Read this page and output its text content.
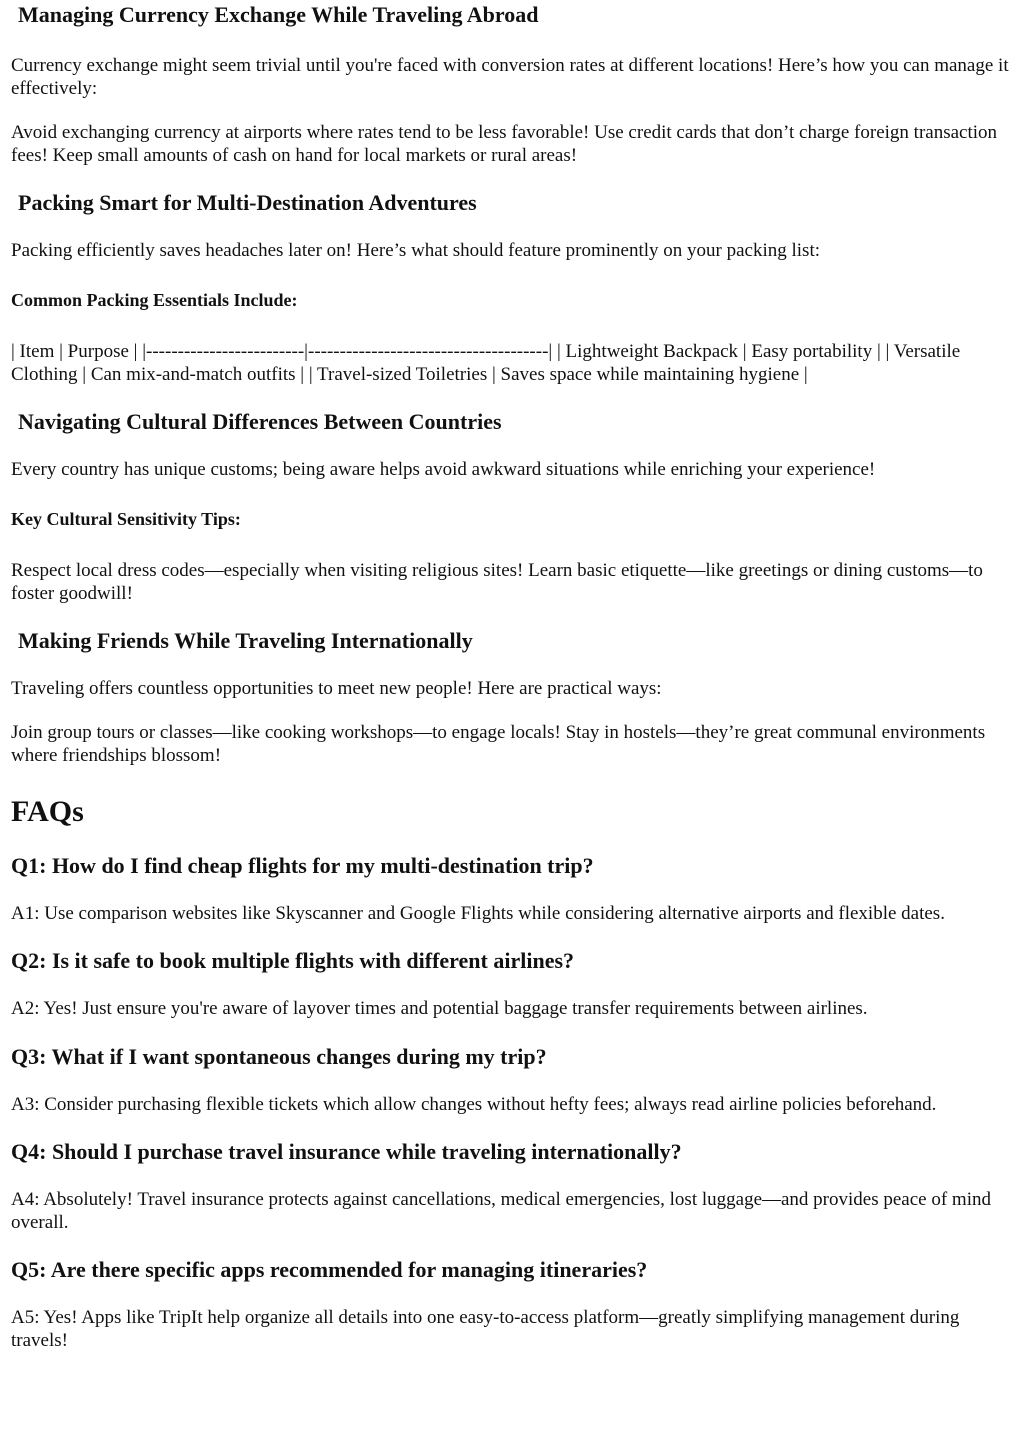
Managing Currency Exchange While Traveling Abroad

Currency exchange might seem trivial until you're faced with conversion rates at different locations! Here’s how you can manage it effectively:

Avoid exchanging currency at airports where rates tend to be less favorable! Use credit cards that don’t charge foreign transaction fees! Keep small amounts of cash on hand for local markets or rural areas!

Packing Smart for Multi-Destination Adventures

Packing efficiently saves headaches later on! Here’s what should feature prominently on your packing list:

Common Packing Essentials Include:

| Item | Purpose | |-------------------------|--------------------------------------| | Lightweight Backpack | Easy portability | | Versatile Clothing | Can mix-and-match outfits | | Travel-sized Toiletries | Saves space while maintaining hygiene |

Navigating Cultural Differences Between Countries

Every country has unique customs; being aware helps avoid awkward situations while enriching your experience!

Key Cultural Sensitivity Tips:

Respect local dress codes—especially when visiting religious sites! Learn basic etiquette—like greetings or dining customs—to foster goodwill!

Making Friends While Traveling Internationally

Traveling offers countless opportunities to meet new people! Here are practical ways:

Join group tours or classes—like cooking workshops—to engage locals! Stay in hostels—they’re great communal environments where friendships blossom!

FAQs
Q1: How do I find cheap flights for my multi-destination trip?

A1: Use comparison websites like Skyscanner and Google Flights while considering alternative airports and flexible dates.

Q2: Is it safe to book multiple flights with different airlines?

A2: Yes! Just ensure you're aware of layover times and potential baggage transfer requirements between airlines.

Q3: What if I want spontaneous changes during my trip?

A3: Consider purchasing flexible tickets which allow changes without hefty fees; always read airline policies beforehand.

Q4: Should I purchase travel insurance while traveling internationally?

A4: Absolutely! Travel insurance protects against cancellations, medical emergencies, lost luggage—and provides peace of mind overall.

Q5: Are there specific apps recommended for managing itineraries?

A5: Yes! Apps like TripIt help organize all details into one easy-to-access platform—greatly simplifying management during travels!
